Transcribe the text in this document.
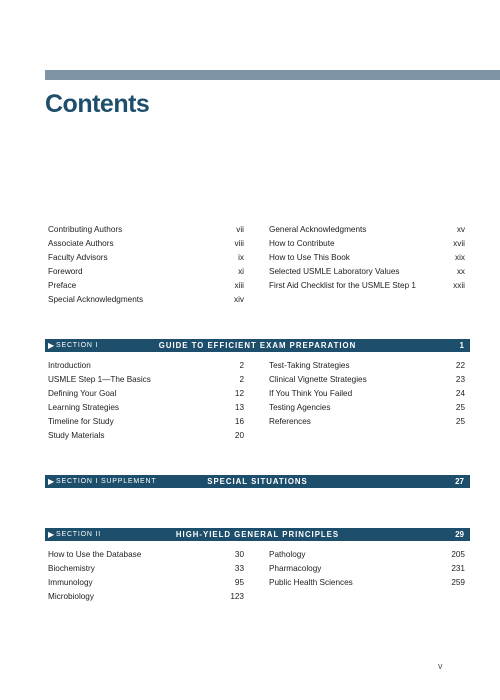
Contents
Contributing Authors	vii
Associate Authors	viii
Faculty Advisors	ix
Foreword	xi
Preface	xiii
Special Acknowledgments	xiv
General Acknowledgments	xv
How to Contribute	xvii
How to Use This Book	xix
Selected USMLE Laboratory Values	xx
First Aid Checklist for the USMLE Step 1	xxii
▶ SECTION I	GUIDE TO EFFICIENT EXAM PREPARATION	1
Introduction	2
USMLE Step 1—The Basics	2
Defining Your Goal	12
Learning Strategies	13
Timeline for Study	16
Study Materials	20
Test-Taking Strategies	22
Clinical Vignette Strategies	23
If You Think You Failed	24
Testing Agencies	25
References	25
▶ SECTION I SUPPLEMENT	SPECIAL SITUATIONS	27
▶ SECTION II	HIGH-YIELD GENERAL PRINCIPLES	29
How to Use the Database	30
Biochemistry	33
Immunology	95
Microbiology	123
Pathology	205
Pharmacology	231
Public Health Sciences	259
v
